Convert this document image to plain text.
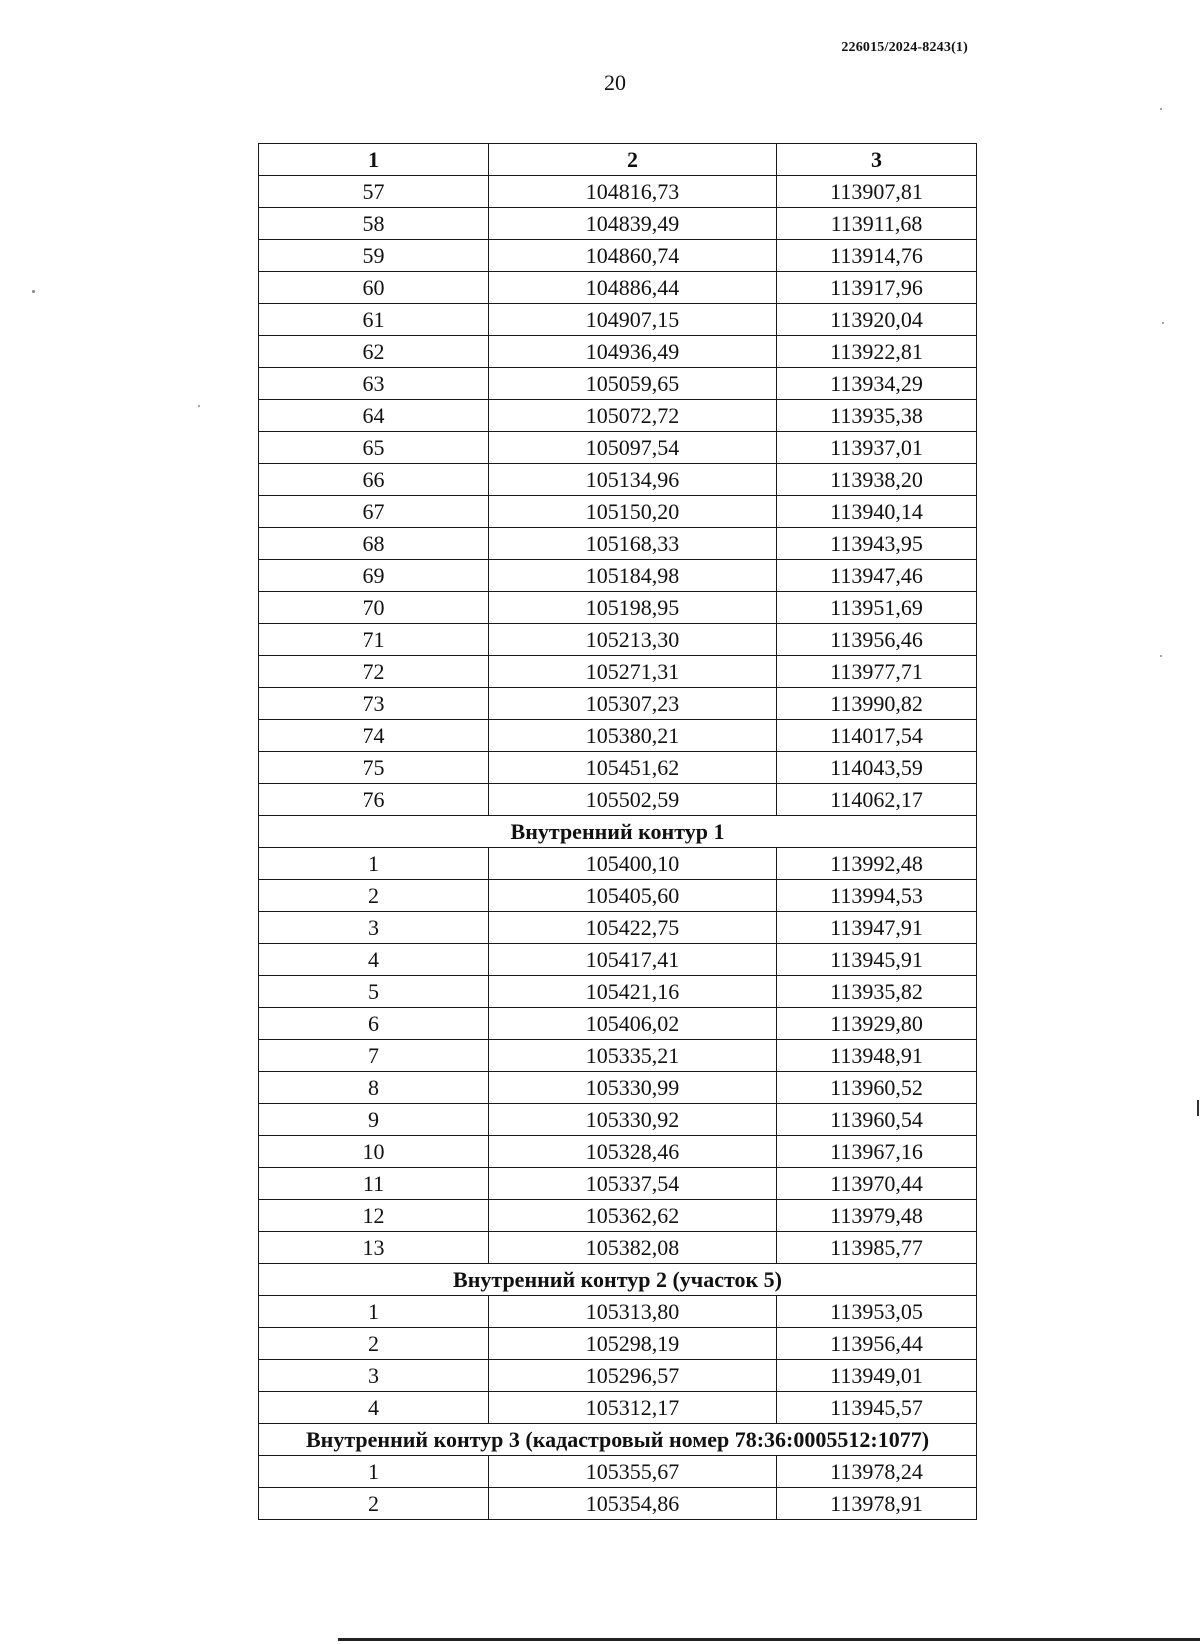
226015/2024-8243(1)
20
1	2	3
57	104816,73	113907,81
58	104839,49	113911,68
59	104860,74	113914,76
60	104886,44	113917,96
61	104907,15	113920,04
62	104936,49	113922,81
63	105059,65	113934,29
64	105072,72	113935,38
65	105097,54	113937,01
66	105134,96	113938,20
67	105150,20	113940,14
68	105168,33	113943,95
69	105184,98	113947,46
70	105198,95	113951,69
71	105213,30	113956,46
72	105271,31	113977,71
73	105307,23	113990,82
74	105380,21	114017,54
75	105451,62	114043,59
76	105502,59	114062,17
Внутренний контур 1		
1	105400,10	113992,48
2	105405,60	113994,53
3	105422,75	113947,91
4	105417,41	113945,91
5	105421,16	113935,82
6	105406,02	113929,80
7	105335,21	113948,91
8	105330,99	113960,52
9	105330,92	113960,54
10	105328,46	113967,16
11	105337,54	113970,44
12	105362,62	113979,48
13	105382,08	113985,77
Внутренний контур 2 (участок 5)		
1	105313,80	113953,05
2	105298,19	113956,44
3	105296,57	113949,01
4	105312,17	113945,57
Внутренний контур 3 (кадастровый номер 78:36:0005512:1077)		
1	105355,67	113978,24
2	105354,86	113978,91
